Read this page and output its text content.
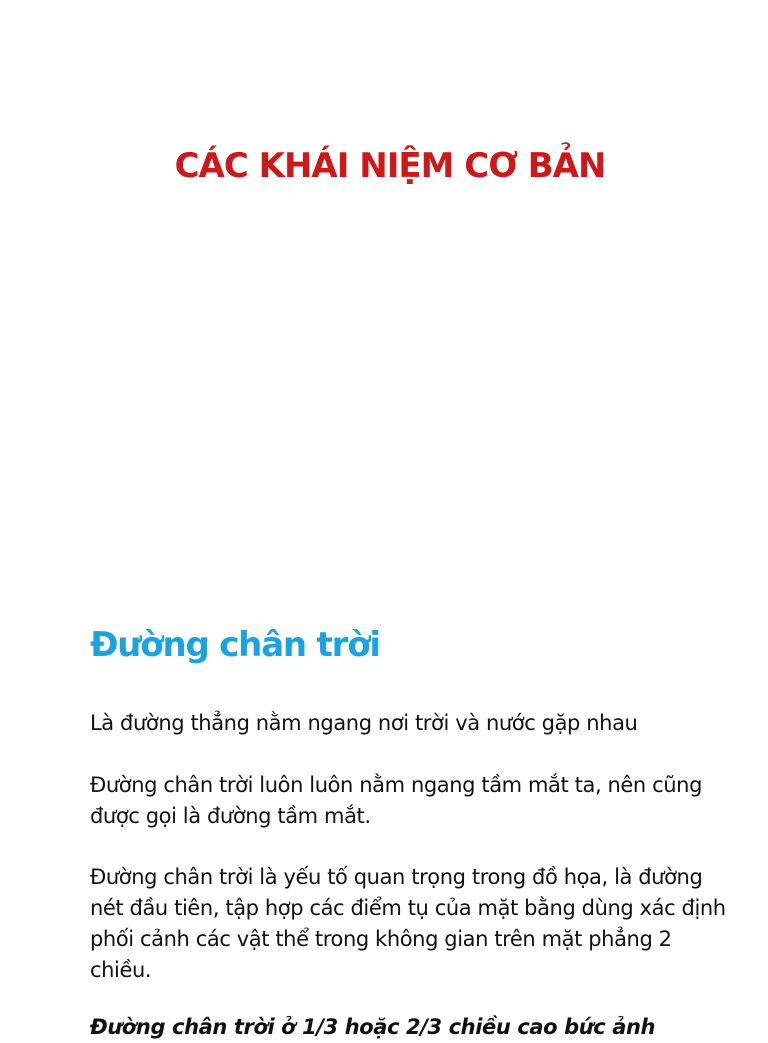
CÁC KHÁI NIỆM CƠ BẢN
Đường chân trời

Là đường thẳng nằm ngang nơi trời và nước gặp nhau

Đường chân trời luôn luôn nằm ngang tầm mắt ta, nên cũng được gọi là đường tầm mắt.

Đường chân trời là yếu tố quan trọng trong đồ họa, là đường nét đầu tiên, tập hợp các điểm tụ của mặt bằng dùng xác định phối cảnh các vật thể trong không gian trên mặt phẳng 2 chiều.

Đường chân trời ở 1/3 hoặc 2/3 chiều cao bức ảnh
